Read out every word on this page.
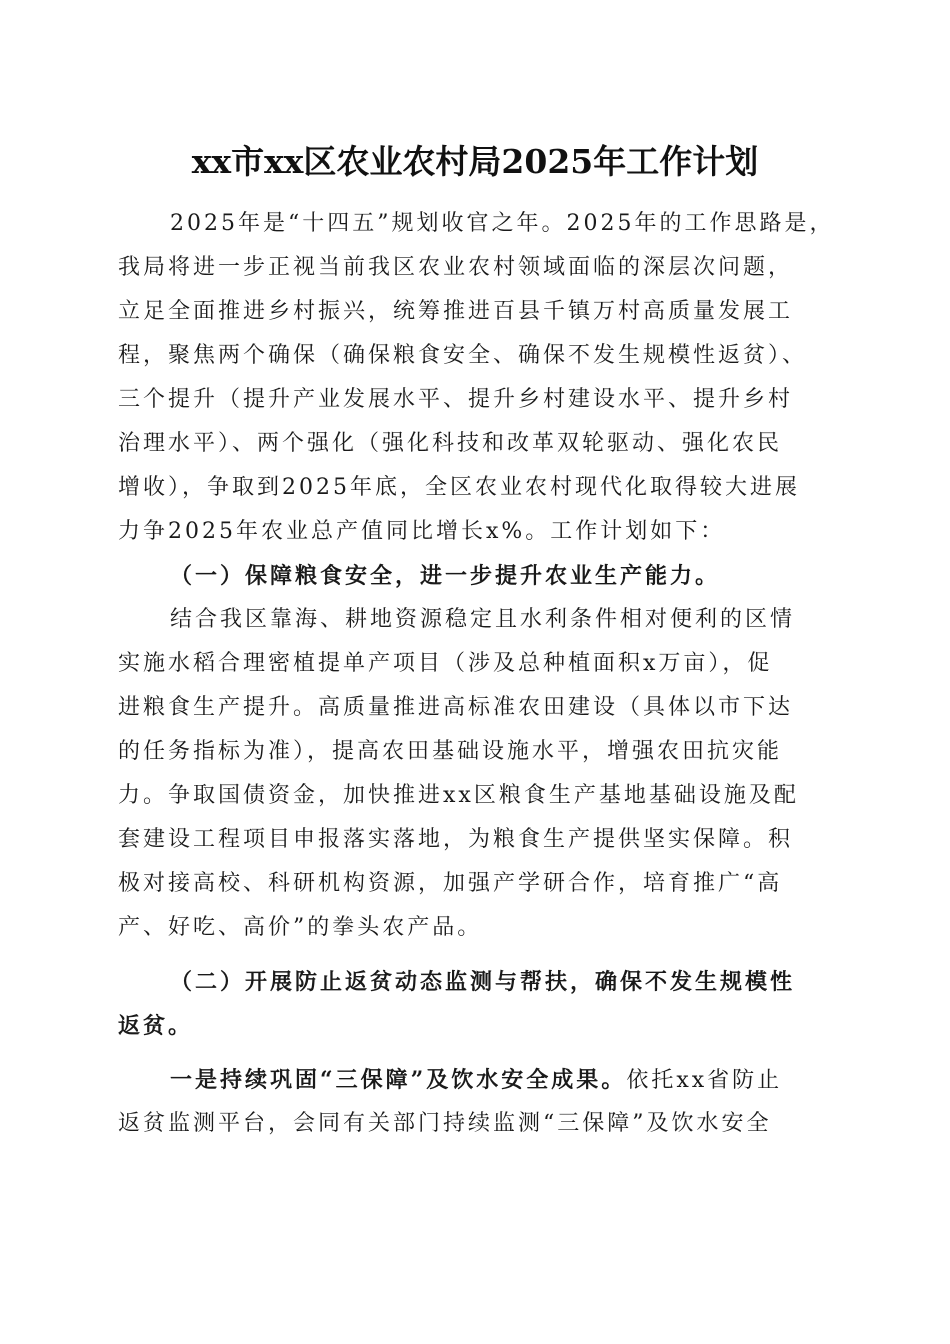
xx市xx区农业农村局2025年工作计划

2025年是“十四五”规划收官之年。2025年的工作思路是，

我局将进一步正视当前我区农业农村领域面临的深层次问题，

立足全面推进乡村振兴，统筹推进百县千镇万村高质量发展工

程，聚焦两个确保（确保粮食安全、确保不发生规模性返贫）、

三个提升（提升产业发展水平、提升乡村建设水平、提升乡村

治理水平）、两个强化（强化科技和改革双轮驱动、强化农民

增收），争取到2025年底，全区农业农村现代化取得较大进展

力争2025年农业总产值同比增长x%。工作计划如下：

（一）保障粮食安全，进一步提升农业生产能力。

结合我区靠海、耕地资源稳定且水利条件相对便利的区情

实施水稻合理密植提单产项目（涉及总种植面积x万亩），促

进粮食生产提升。高质量推进高标准农田建设（具体以市下达

的任务指标为准），提高农田基础设施水平，增强农田抗灾能

力。争取国债资金，加快推进xx区粮食生产基地基础设施及配

套建设工程项目申报落实落地，为粮食生产提供坚实保障。积

极对接高校、科研机构资源，加强产学研合作，培育推广“高

产、好吃、高价”的拳头农产品。

（二）开展防止返贫动态监测与帮扶，确保不发生规模性

返贫。

一是持续巩固“三保障”及饮水安全成果。依托xx省防止

返贫监测平台，会同有关部门持续监测“三保障”及饮水安全
